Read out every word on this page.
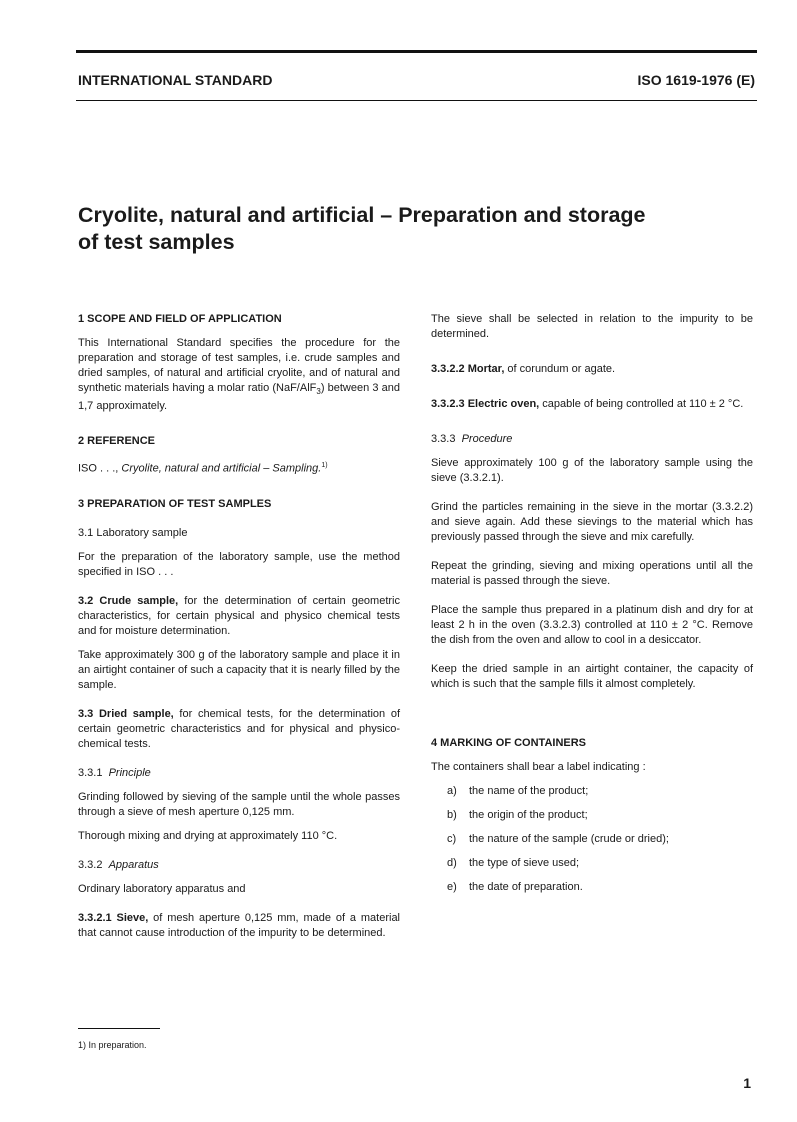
INTERNATIONAL STANDARD	ISO 1619-1976 (E)
Cryolite, natural and artificial – Preparation and storage
of test samples

1 SCOPE AND FIELD OF APPLICATION

This International Standard specifies the procedure for the preparation and storage of test samples, i.e. crude samples and dried samples, of natural and artificial cryolite, and of natural and synthetic materials having a molar ratio (NaF/AlF$_3$) between 3 and 1,7 approximately.

2 REFERENCE

ISO . . ., Cryolite, natural and artificial – Sampling.$^{1)}$

3 PREPARATION OF TEST SAMPLES

3.1 Laboratory sample

For the preparation of the laboratory sample, use the method specified in ISO . . .

3.2 Crude sample, for the determination of certain geometric characteristics, for certain physical and physico chemical tests and for moisture determination.

Take approximately 300 g of the laboratory sample and place it in an airtight container of such a capacity that it is nearly filled by the sample.

3.3 Dried sample, for chemical tests, for the determination of certain geometric characteristics and for physical and physico-chemical tests.

3.3.1 Principle

Grinding followed by sieving of the sample until the whole passes through a sieve of mesh aperture 0,125 mm.

Thorough mixing and drying at approximately 110 °C.

3.3.2 Apparatus

Ordinary laboratory apparatus and

3.3.2.1 Sieve, of mesh aperture 0,125 mm, made of a material that cannot cause introduction of the impurity to be determined.

The sieve shall be selected in relation to the impurity to be determined.

3.3.2.2 Mortar, of corundum or agate.

3.3.2.3 Electric oven, capable of being controlled at 110 ± 2 °C.

3.3.3 Procedure

Sieve approximately 100 g of the laboratory sample using the sieve (3.3.2.1).

Grind the particles remaining in the sieve in the mortar (3.3.2.2) and sieve again. Add these sievings to the material which has previously passed through the sieve and mix carefully.

Repeat the grinding, sieving and mixing operations until all the material is passed through the sieve.

Place the sample thus prepared in a platinum dish and dry for at least 2 h in the oven (3.3.2.3) controlled at 110 ± 2 °C. Remove the dish from the oven and allow to cool in a desiccator.

Keep the dried sample in an airtight container, the capacity of which is such that the sample fills it almost completely.

4 MARKING OF CONTAINERS

The containers shall bear a label indicating :

a)	the name of the product;
b)	the origin of the product;
c)	the nature of the sample (crude or dried);
d)	the type of sieve used;
e)	the date of preparation.
1) In preparation.
1
